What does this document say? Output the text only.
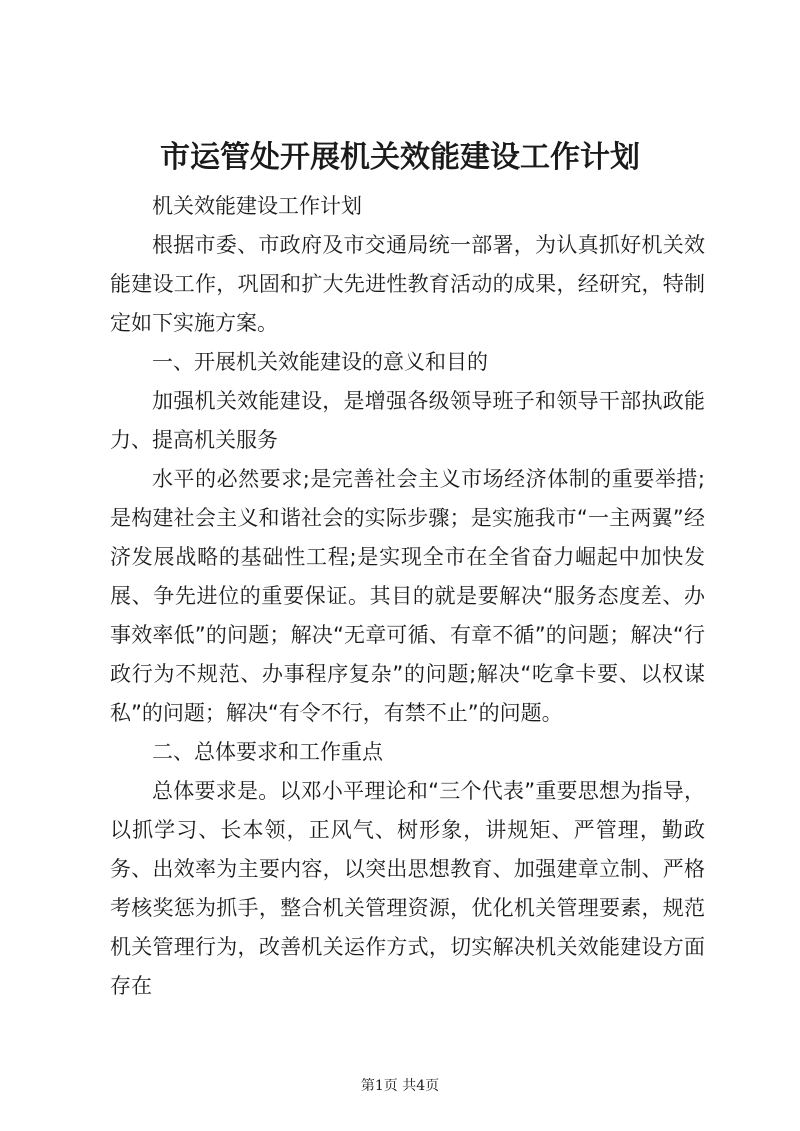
市运管处开展机关效能建设工作计划

机关效能建设工作计划

根据市委、市政府及市交通局统一部署，为认真抓好机关效能建设工作，巩固和扩大先进性教育活动的成果，经研究，特制定如下实施方案。

一、开展机关效能建设的意义和目的

加强机关效能建设，是增强各级领导班子和领导干部执政能力、提高机关服务

水平的必然要求;是完善社会主义市场经济体制的重要举措;是构建社会主义和谐社会的实际步骤；是实施我市“一主两翼”经济发展战略的基础性工程;是实现全市在全省奋力崛起中加快发展、争先进位的重要保证。其目的就是要解决“服务态度差、办事效率低”的问题；解决“无章可循、有章不循”的问题；解决“行政行为不规范、办事程序复杂”的问题;解决“吃拿卡要、以权谋私”的问题；解决“有令不行，有禁不止”的问题。

二、总体要求和工作重点

总体要求是。以邓小平理论和“三个代表”重要思想为指导，以抓学习、长本领，正风气、树形象，讲规矩、严管理，勤政务、出效率为主要内容，以突出思想教育、加强建章立制、严格考核奖惩为抓手，整合机关管理资源，优化机关管理要素，规范机关管理行为，改善机关运作方式，切实解决机关效能建设方面存在

第1页 共4页
